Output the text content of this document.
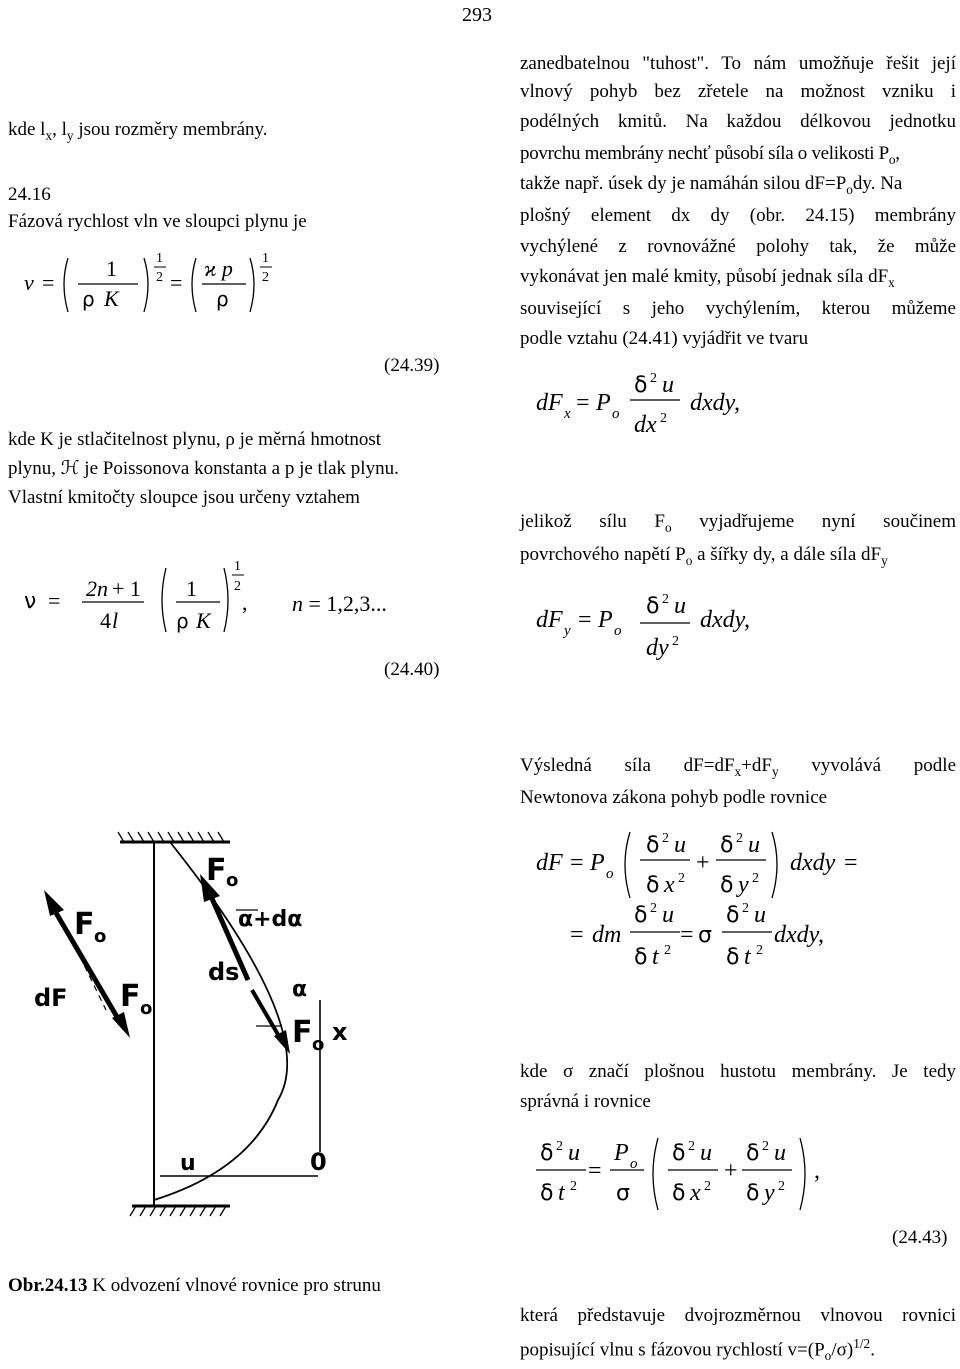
293
kde $l_x$, $l_y$ jsou rozměry membrány.
24.16
Fázová rychlost vln ve sloupci plynu je
v =
1
ρ K
1
2 =
ϰ p
ρ
1
2
(24.39)
kde K je stlačitelnost plynu, ρ je měrná hmotnost
plynu, ℋ je Poissonova konstanta a p je tlak plynu.
Vlastní kmitočty sloupce jsou určeny vztahem
ν = 2n + 1
4 l
1
ρ K
1
2
, n = 1,2,3...
(24.40)
F o
α+dα
F o
ds
dF F o
α
F o x
u	0
Obr.24.13 K odvození vlnové rovnice pro strunu
zanedbatelnou "tuhost". To nám umožňuje řešit její
vlnový pohyb bez zřetele na možnost vzniku i
podélných kmitů. Na každou délkovou jednotku
povrchu membrány nechť působí síla o velikosti $P_o$,
takže např. úsek dy je namáhán silou $dF=P_ody$. Na
plošný element dx dy (obr. 24.15) membrány
vychýlené z rovnovážné polohy tak, že může
vykonávat jen malé kmity, působí jednak síla $dF_x$
související s jeho vychýlením, kterou můžeme
podle vztahu (24.41) vyjádřit ve tvaru
dF x = P o
δ 2 u
dx 2
dxdy,
jelikož sílu $F_o$ vyjadřujeme nyní součinem
povrchového napětí $P_o$ a šířky dy, a dále síla $dF_y$
dF y = P o
δ 2 u
dy 2
dxdy,
Výsledná síla $dF=dF_x+dF_y$ vyvolává podle
Newtonova zákona pohyb podle rovnice
dF = P o
δ 2 u
δ x 2
+
δ 2 u
δ y 2
dxdy =
= dm
δ 2 u
δ t 2
= σ
δ 2 u
δ t 2
dxdy,
kde σ značí plošnou hustotu membrány. Je tedy
správná i rovnice
δ 2 u
δ t 2
=
P o
σ
δ 2 u
δ x 2
+
δ 2 u
δ y 2
,
(24.43)
která představuje dvojrozměrnou vlnovou rovnici
popisující vlnu s fázovou rychlostí $v=(P_o/\sigma)^{1/2}$.
